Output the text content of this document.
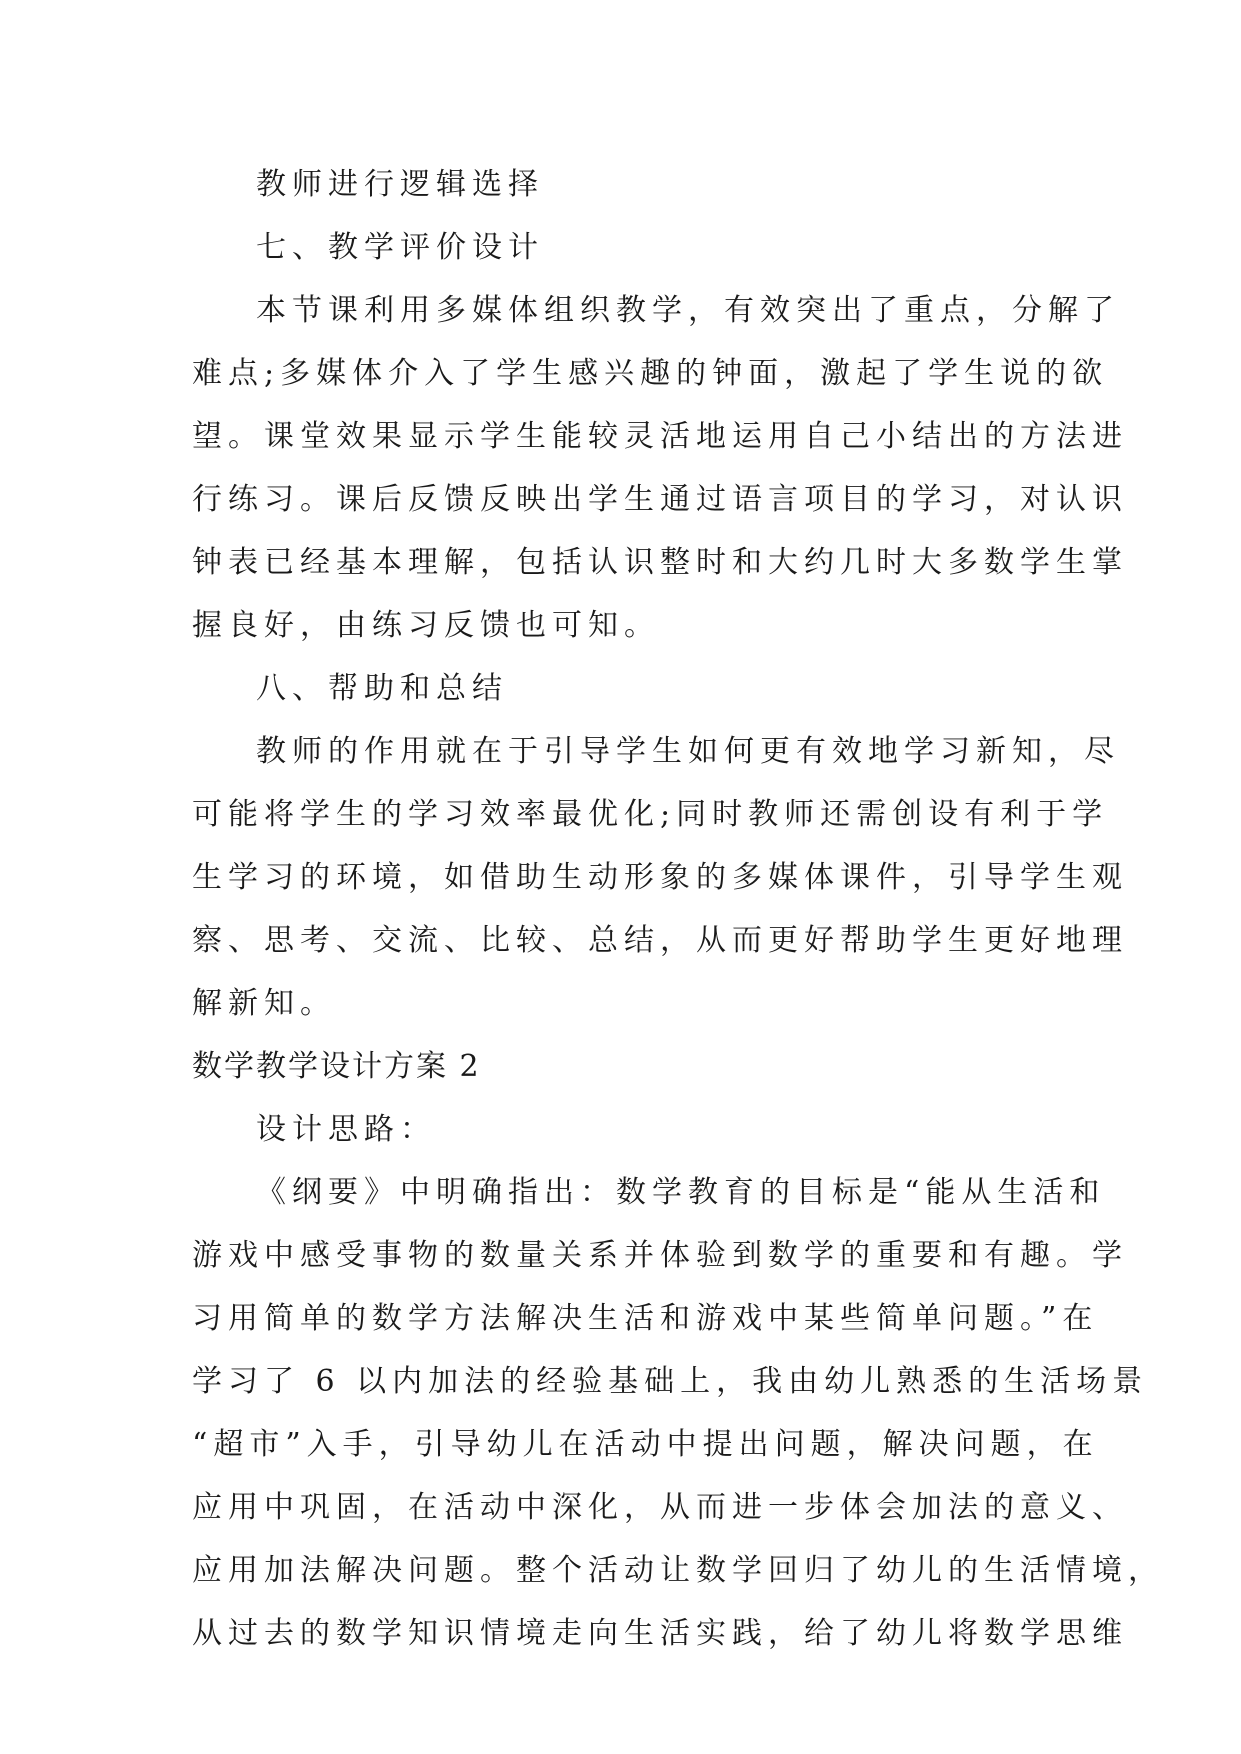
教师进行逻辑选择
七、教学评价设计
本节课利用多媒体组织教学，有效突出了重点，分解了
难点;多媒体介入了学生感兴趣的钟面，激起了学生说的欲
望。课堂效果显示学生能较灵活地运用自己小结出的方法进
行练习。课后反馈反映出学生通过语言项目的学习，对认识
钟表已经基本理解，包括认识整时和大约几时大多数学生掌
握良好，由练习反馈也可知。
八、帮助和总结
教师的作用就在于引导学生如何更有效地学习新知，尽
可能将学生的学习效率最优化;同时教师还需创设有利于学
生学习的环境，如借助生动形象的多媒体课件，引导学生观
察、思考、交流、比较、总结，从而更好帮助学生更好地理
解新知。
数学教学设计方案 2
设计思路：
《纲要》中明确指出：数学教育的目标是“能从生活和
游戏中感受事物的数量关系并体验到数学的重要和有趣。学
习用简单的数学方法解决生活和游戏中某些简单问题。”在
学习了 6 以内加法的经验基础上，我由幼儿熟悉的生活场景
“超市”入手，引导幼儿在活动中提出问题，解决问题，在
应用中巩固，在活动中深化，从而进一步体会加法的意义、
应用加法解决问题。整个活动让数学回归了幼儿的生活情境，
从过去的数学知识情境走向生活实践，给了幼儿将数学思维
